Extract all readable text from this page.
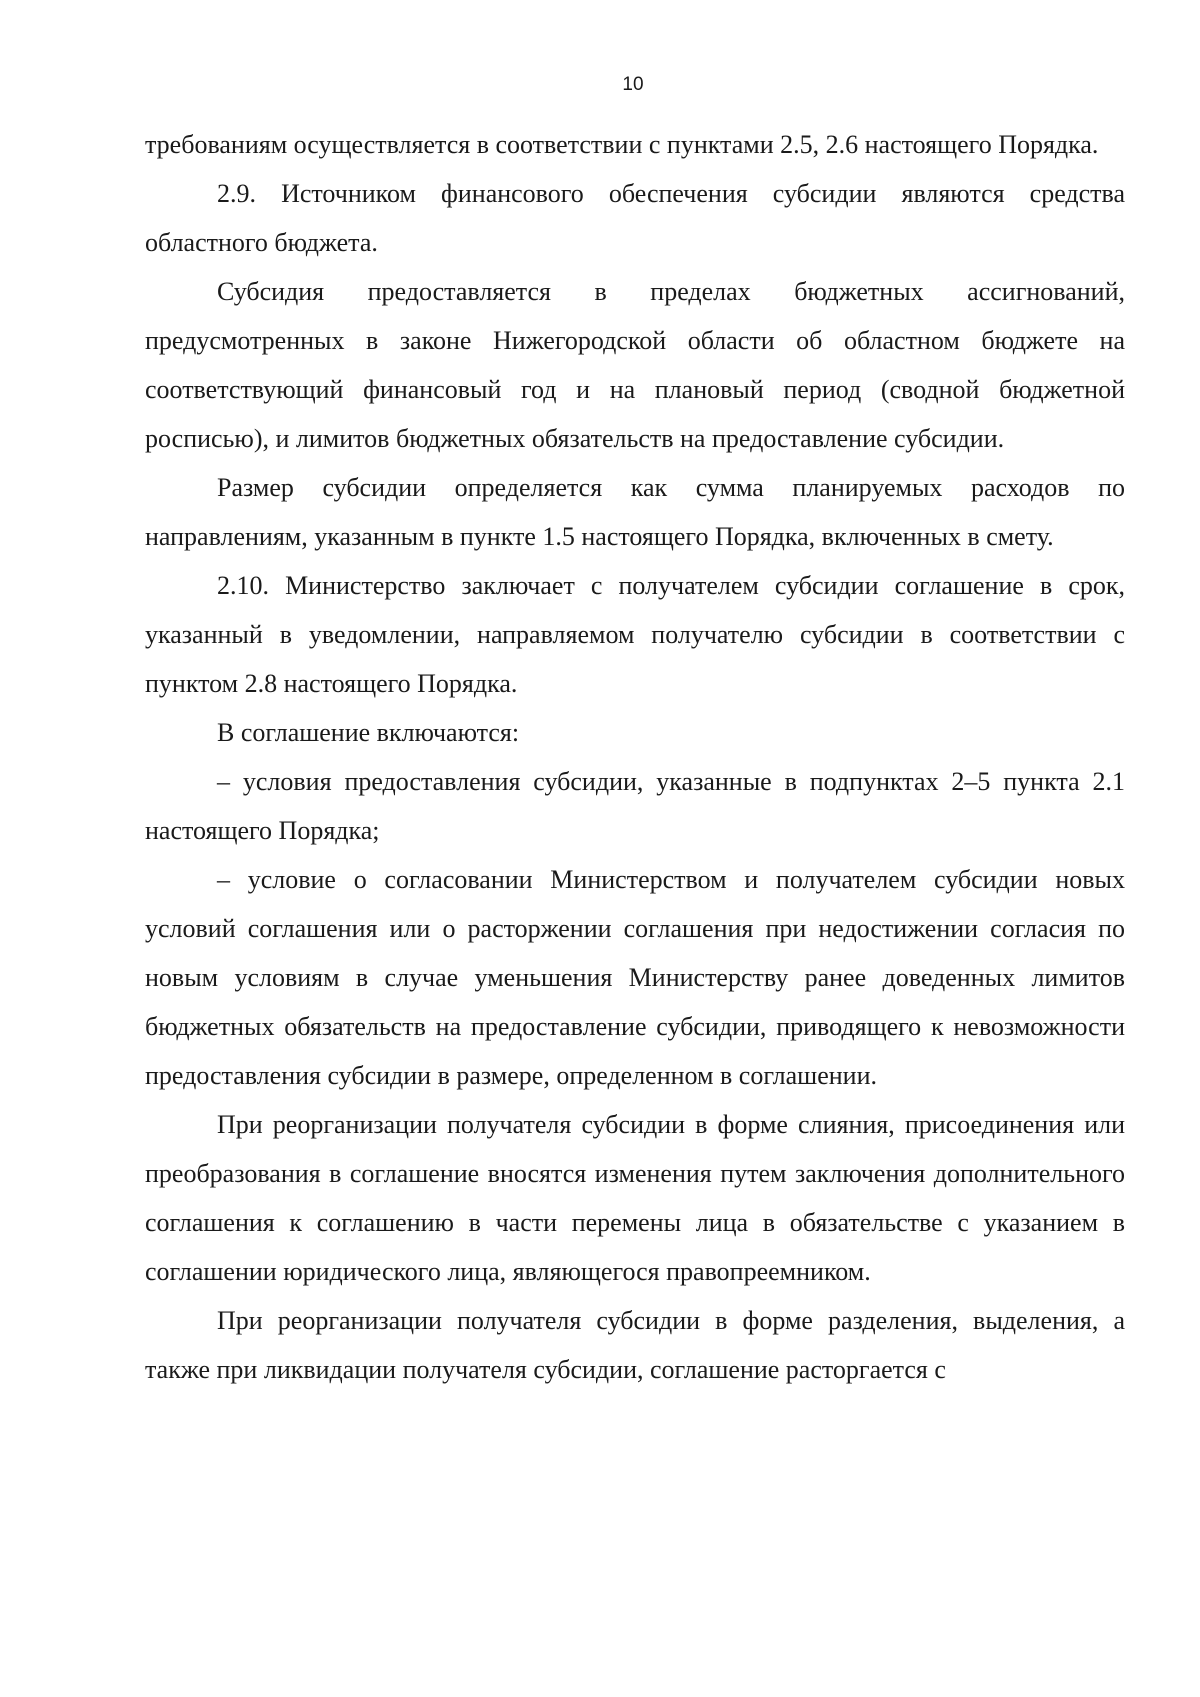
10

требованиям осуществляется в соответствии с пунктами 2.5, 2.6 настоящего Порядка.

2.9. Источником финансового обеспечения субсидии являются средства областного бюджета.

Субсидия предоставляется в пределах бюджетных ассигнований, предусмотренных в законе Нижегородской области об областном бюджете на соответствующий финансовый год и на плановый период (сводной бюджетной росписью), и лимитов бюджетных обязательств на предоставление субсидии.

Размер субсидии определяется как сумма планируемых расходов по направлениям, указанным в пункте 1.5 настоящего Порядка, включенных в смету.

2.10. Министерство заключает с получателем субсидии соглашение в срок, указанный в уведомлении, направляемом получателю субсидии в соответствии с пунктом 2.8 настоящего Порядка.

В соглашение включаются:

– условия предоставления субсидии, указанные в подпунктах 2–5 пункта 2.1 настоящего Порядка;

– условие о согласовании Министерством и получателем субсидии новых условий соглашения или о расторжении соглашения при недостижении согласия по новым условиям в случае уменьшения Министерству ранее доведенных лимитов бюджетных обязательств на предоставление субсидии, приводящего к невозможности предоставления субсидии в размере, определенном в соглашении.

При реорганизации получателя субсидии в форме слияния, присоединения или преобразования в соглашение вносятся изменения путем заключения дополнительного соглашения к соглашению в части перемены лица в обязательстве с указанием в соглашении юридического лица, являющегося правопреемником.

При реорганизации получателя субсидии в форме разделения, выделения, а также при ликвидации получателя субсидии, соглашение расторгается с
